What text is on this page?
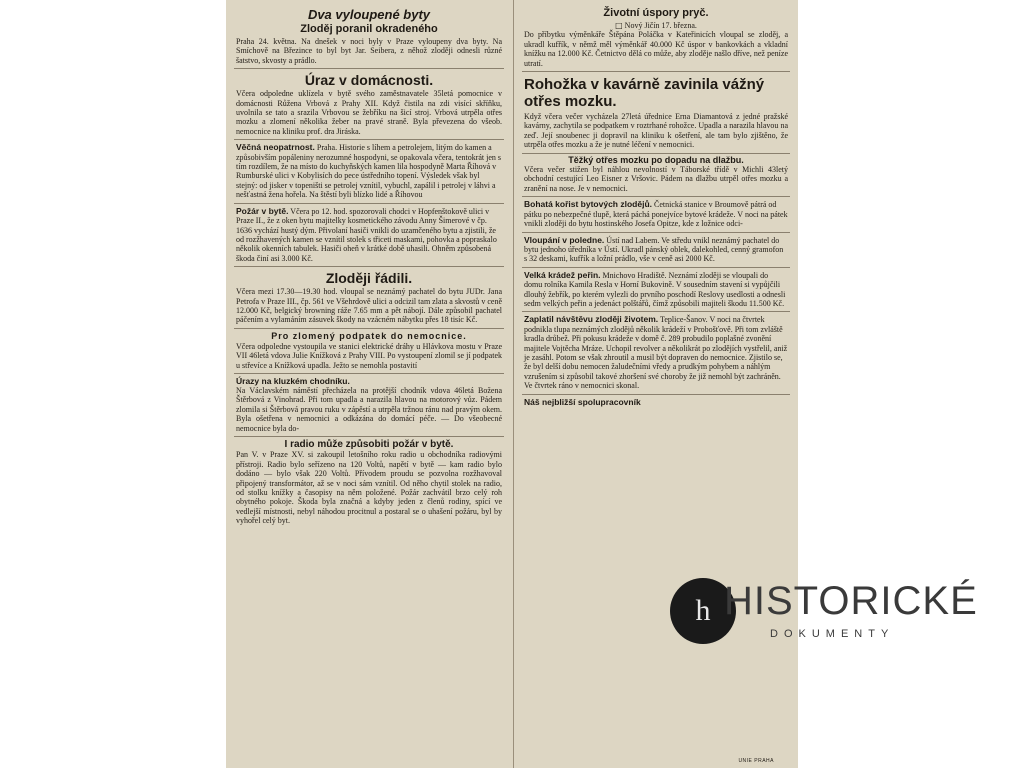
Dva vyloupené byty
Zloděj poranil okradeného
Praha 24. května. Na dnešek v noci byly v Praze vyloupeny dva byty. Na Smíchově na Březince to byl byt Jar. Seibera, z něhož zloději odnesli různé šatstvo, skvosty a prádlo.
Úraz v domácnosti.
Včera odpoledne uklízela v bytě svého zaměstnavatele 35letá pomocnice v domácnosti Růžena Vrbová z Prahy XII. Když čistila na zdi visící skříňku, uvolnila se tato a srazila Vrbovou se žebříku na šicí stroj. Vrbová utrpěla otřes mozku a zlomení několika žeber na pravé straně. Byla převezena do všeob. nemocnice na kliniku prof. dra Jiráska.
Věčná neopatrnost. Praha. Historie s líhem a petrolejem, litým do kamen a způsobivším popáleniny nerozumné hospodyni, se opakovala včera, tentokrát jen s tím rozdílem, že na místo do kuchyňských kamen lila hospodyně Marta Říhová v Rumburské ulici v Kobylisích do pece ústředního topení. Výsledek však byl stejný: od jisker v topeništi se petrolej vznítil, vybuchl, zapálil i petrolej v láhvi a nešťastná žena hořela. Na štěstí byli blízko lidé a Říhovou
Požár v bytě. Včera po 12. hod. spozorovali chodci v Hopfenštokově ulici v Praze II., že z oken bytu majitelky kosmetického závodu Anny Šimerové v čp. 1636 vychází hustý dým. Přivolaní hasiči vnikli do uzamčeného bytu a zjistili, že od rozžhavených kamen se vznítil stolek s třiceti maskami, pohovka a popraskalo několik okenních tabulek. Hasiči oheň v krátké době uhasili. Ohněm způsobená škoda činí asi 3.000 Kč.
Zloději řádili.
Včera mezi 17.30—19.30 hod. vloupal se neznámý pachatel do bytu JUDr. Jana Petrofa v Praze III., čp. 561 ve Všehrdově ulici a odcizil tam zlata a skvostů v ceně 12.000 Kč, belgický browning ráže 7.65 mm a pět nábojí. Dále způsobil pachatel páčením a vylamáním zásuvek škody na vzácném nábytku přes 18 tisíc Kč.
Pro zlomený podpatek do nemocnice.
Včera odpoledne vystoupila ve stanici elektrické dráhy u Hlávkova mostu v Praze VII 46letá vdova Julie Knížková z Prahy VIII. Po vystoupení zlomil se jí podpatek u střevíce a Knížková upadla. Ježto se nemohla postavití
Úrazy na kluzkém chodníku.
Na Václavském náměstí přecházela na protější chodník vdova 46letá Božena Štěrbová z Vinohrad. Při tom upadla a narazila hlavou na motorový vůz. Pádem zlomila si Štěrbová pravou ruku v zápěstí a utrpěla tržnou ránu nad pravým okem. Byla ošetřena v nemocnici a odkázána do domácí péče. — Do všeobecné nemocnice byla do-
I radio může způsobiti požár v bytě.
Pan V. v Praze XV. si zakoupil letošního roku radio u obchodníka radiovými přístroji. Radio bylo seřízeno na 120 Voltů, napětí v bytě — kam radio bylo dodáno — bylo však 220 Voltů. Přívodem proudu se pozvolna rozžhavoval připojený transformátor, až se v noci sám vznítil. Od něho chytil stolek na radio, od stolku knížky a časopisy na něm položené. Požár zachvátil brzo celý roh obytného pokoje. Škoda byla značná a kdyby jeden z členů rodiny, spící ve vedlejší místnosti, nebyl náhodou procitnul a postaral se o uhašení požáru, byl by vyhořel celý byt.
Životní úspory pryč.
□ Nový Jičín 17. března.
Do příbytku výměnkáře Štěpána Poláčka v Kateřinicích vloupal se zloděj, a ukradl kufřík, v němž měl výměnkář 40.000 Kč úspor v bankovkách a vkladní knížku na 12.000 Kč. Četnictvo dělá co může, aby zloděje našlo dříve, než peníze utratí.
Rohožka v kavárně zavinila vážný otřes mozku.
Když včera večer vycházela 27letá úřednice Erna Diamantová z jedné pražské kavárny, zachytila se podpatkem v roztrhané rohožce. Upadla a narazila hlavou na zeď. Její snoubenec ji dopravil na kliniku k ošetření, ale tam bylo zjištěno, že utrpěla otřes mozku a že je nutné léčení v nemocnici.
Těžký otřes mozku po dopadu na dlažbu.
Včera večer stižen byl náhlou nevolností v Táborské třídě v Michli 43letý obchodní cestující Leo Eisner z Vršovic. Pádem na dlažbu utrpěl otřes mozku a zranění na nose. Je v nemocnici.
Bohatá kořist bytových zlodějů. Četnická stanice v Broumově pátrá od pátku po nebezpečné tlupě, která páchá ponejvíce bytové krádeže. V noci na pátek vnikli zloději do bytu hostinského Josefa Opitze, kde z ložnice odci-
Vloupání v poledne. Ústí nad Labem. Ve středu vnikl neznámý pachatel do bytu jednoho úředníka v Ústí. Ukradl pánský oblek, dalekohled, cenný gramofon s 32 deskami, kufřík a ložní prádlo, vše v ceně asi 2000 Kč.
Velká krádež peřin. Mnichovo Hradiště. Neznámí zloději se vloupali do domu rolníka Kamila Resla v Horní Bukovině. V sousedním stavení si vypůjčili dlouhý žebřík, po kterém vylezli do prvního poschodí Reslovy usedlosti a odnesli sedm velkých peřin a jedenáct polštářů, čímž způsobili majiteli škodu 11.500 Kč.
Zaplatil návštěvu zloději životem. Teplice-Šanov. V noci na čtvrtek podnikla tlupa neznámých zlodějů několik krádeží v Probošťově. Při tom zvláště kradla drůbež. Při pokusu krádeže v domě č. 289 probudilo poplašné zvonění majitele Vojtěcha Mráze. Uchopil revolver a několikrát po zlodějích vystřelil, aniž je zasáhl. Potom se však zhroutil a musil být dopraven do nemocnice. Zjistilo se, že byl delší dobu nemocen žaludečními vředy a prudkým pohybem a náhlým vzrušením si způsobil takové zhoršení své choroby že již nemohl být zachráněn. Ve čtvrtek ráno v nemocnici skonal.
Náš nejbližší spolupracovník
UNIE PRAHA
h HISTORICKÉ
DOKUMENTY
